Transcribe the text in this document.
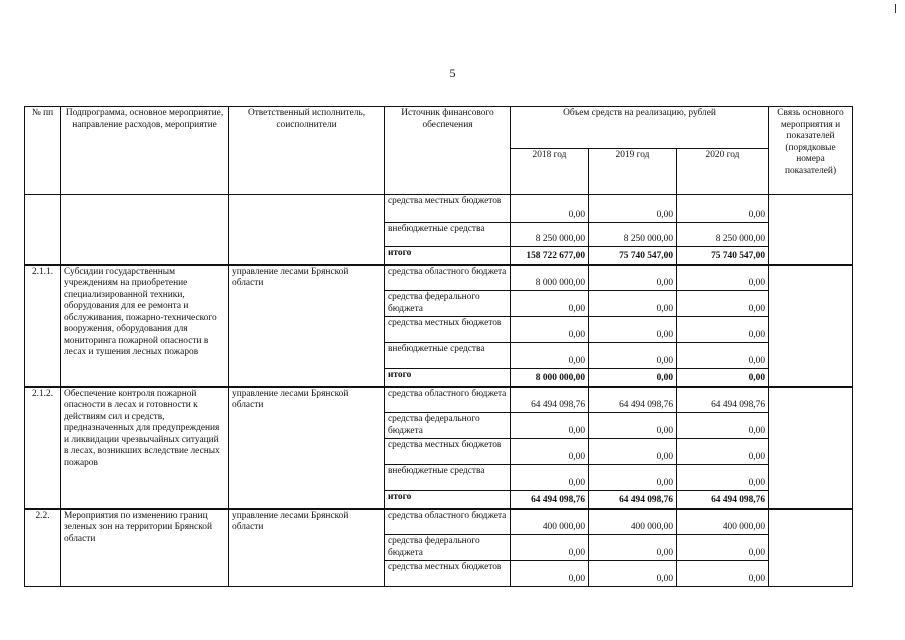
5
№ пп	Подпрограмма, основное мероприятие, направление расходов, мероприятие	Ответственный исполнитель, соисполнители	Источник финансового обеспечения	Объем средств на реализацию, рублей			Связь основного мероприятия и показателей (порядковые номера показателей)
				2018 год	2019 год	2020 год	
			средства местных бюджетов	0,00	0,00	0,00	
			внебюджетные средства	8 250 000,00	8 250 000,00	8 250 000,00	
			итого	158 722 677,00	75 740 547,00	75 740 547,00	
2.1.1.	Субсидии государственным учреждениям на приобретение специализированной техники, оборудования для ее ремонта и обслуживания, пожарно-технического вооружения, оборудования для мониторинга пожарной опасности в лесах и тушения лесных пожаров	управление лесами Брянской области	средства областного бюджета	8 000 000,00	0,00	0,00	
			средства федерального бюджета	0,00	0,00	0,00	
			средства местных бюджетов	0,00	0,00	0,00	
			внебюджетные средства	0,00	0,00	0,00	
			итого	8 000 000,00	0,00	0,00	
2.1.2.	Обеспечение контроля пожарной опасности в лесах и готовности к действиям сил и средств, предназначенных для предупреждения и ликвидации чрезвычайных ситуаций в лесах, возникших вследствие лесных пожаров	управление лесами Брянской области	средства областного бюджета	64 494 098,76	64 494 098,76	64 494 098,76	
			средства федерального бюджета	0,00	0,00	0,00	
			средства местных бюджетов	0,00	0,00	0,00	
			внебюджетные средства	0,00	0,00	0,00	
			итого	64 494 098,76	64 494 098,76	64 494 098,76	
2.2.	Мероприятия по изменению границ зеленых зон на территории Брянской области	управление лесами Брянской области	средства областного бюджета	400 000,00	400 000,00	400 000,00	
			средства федерального бюджета	0,00	0,00	0,00	
			средства местных бюджетов	0,00	0,00	0,00	
